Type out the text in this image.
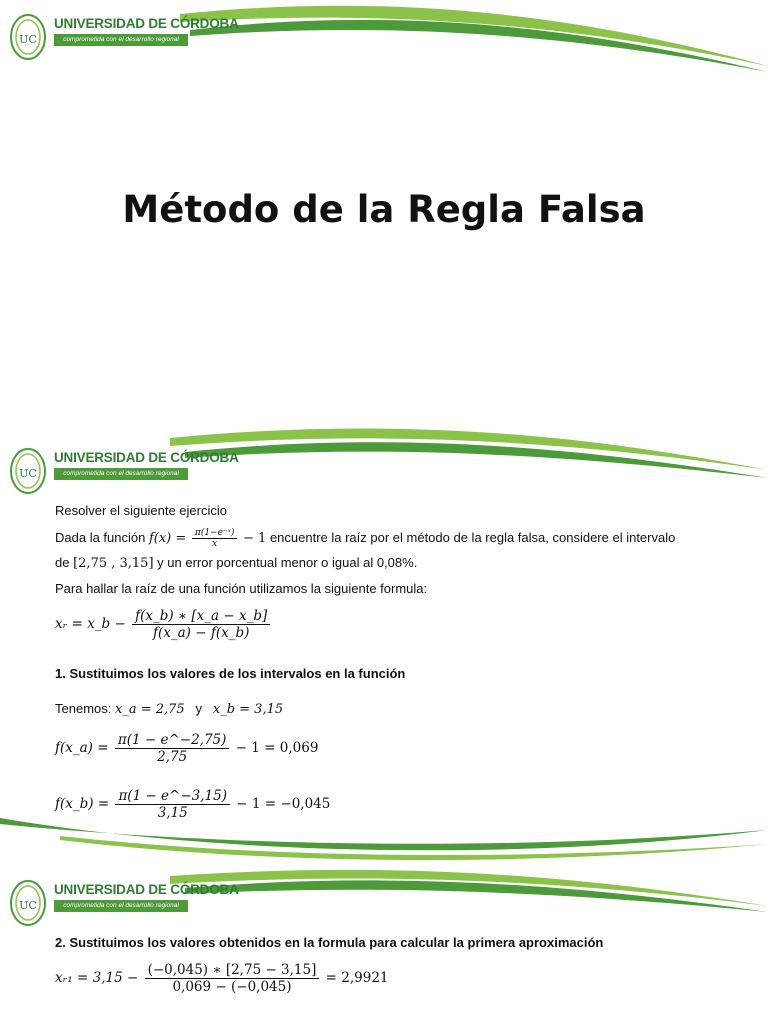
UC
UNIVERSIDAD DE CÓRDOBA
comprometida con el desarrollo regional
Método de la Regla Falsa
UC
UNIVERSIDAD DE CÓRDOBA
comprometida con el desarrollo regional
Resolver el siguiente ejercicio
Dada la función $f(x) = \frac{\text{π(1−e⁻ˣ)}}{x} - 1$ encuentre la raíz por el método de la regla falsa, considere el intervalo
de [2,75 , 3,15] y un error porcentual menor o igual al 0,08%.
Para hallar la raíz de una función utilizamos la siguiente formula:
xᵣ = x_b − $\frac{f(x\_b) ∗ [x\_a - x\_b]}{f(x\_a) - f(x\_b)}$
1. Sustituimos los valores de los intervalos en la función
Tenemos: x_a = 2,75 y x_b = 3,15
f(x_a) = $\frac{\pi(1 - e\^{}-2,75)}{2,75} - 1 = 0,069$
f(x_b) = $\frac{\pi(1 - e\^{}-3,15)}{3,15} - 1 = -0,045$
UC
UNIVERSIDAD DE CÓRDOBA
comprometida con el desarrollo regional
2. Sustituimos los valores obtenidos en la formula para calcular la primera aproximación
xᵣ₁ = $3,15 - \frac{(-0,045) ∗ [2,75 - 3,15]}{0,069 - (-0,045)} = 2,9921$
